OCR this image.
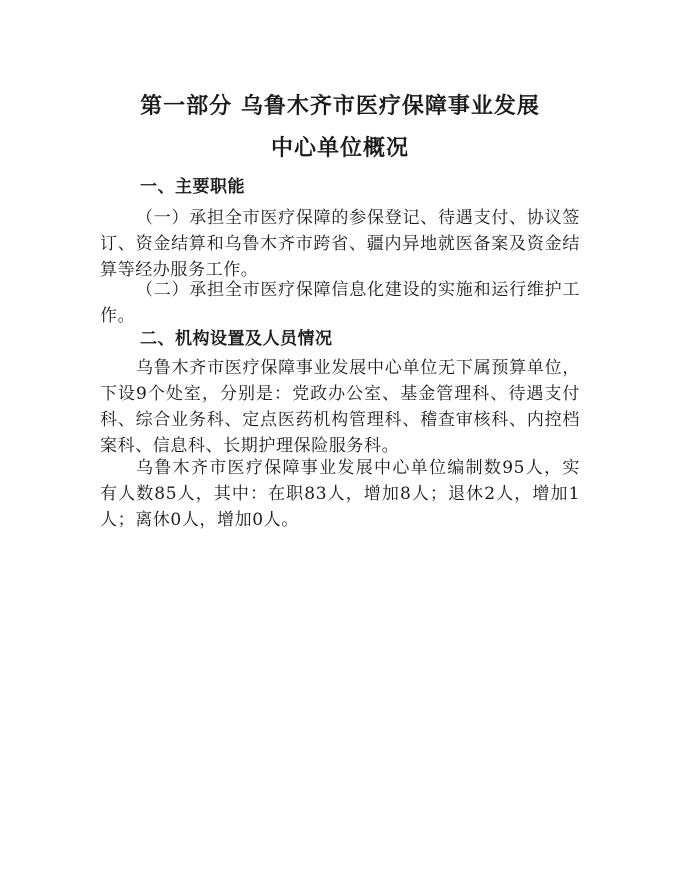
第一部分 乌鲁木齐市医疗保障事业发展
中心单位概况
一、主要职能
（一）承担全市医疗保障的参保登记、待遇支付、协议签订、资金结算和乌鲁木齐市跨省、疆内异地就医备案及资金结算等经办服务工作。
（二）承担全市医疗保障信息化建设的实施和运行维护工作。
二、机构设置及人员情况
乌鲁木齐市医疗保障事业发展中心单位无下属预算单位，下设9个处室，分别是：党政办公室、基金管理科、待遇支付科、综合业务科、定点医药机构管理科、稽查审核科、内控档案科、信息科、长期护理保险服务科。
乌鲁木齐市医疗保障事业发展中心单位编制数95人，实有人数85人，其中：在职83人，增加8人；退休2人，增加1人；离休0人，增加0人。
